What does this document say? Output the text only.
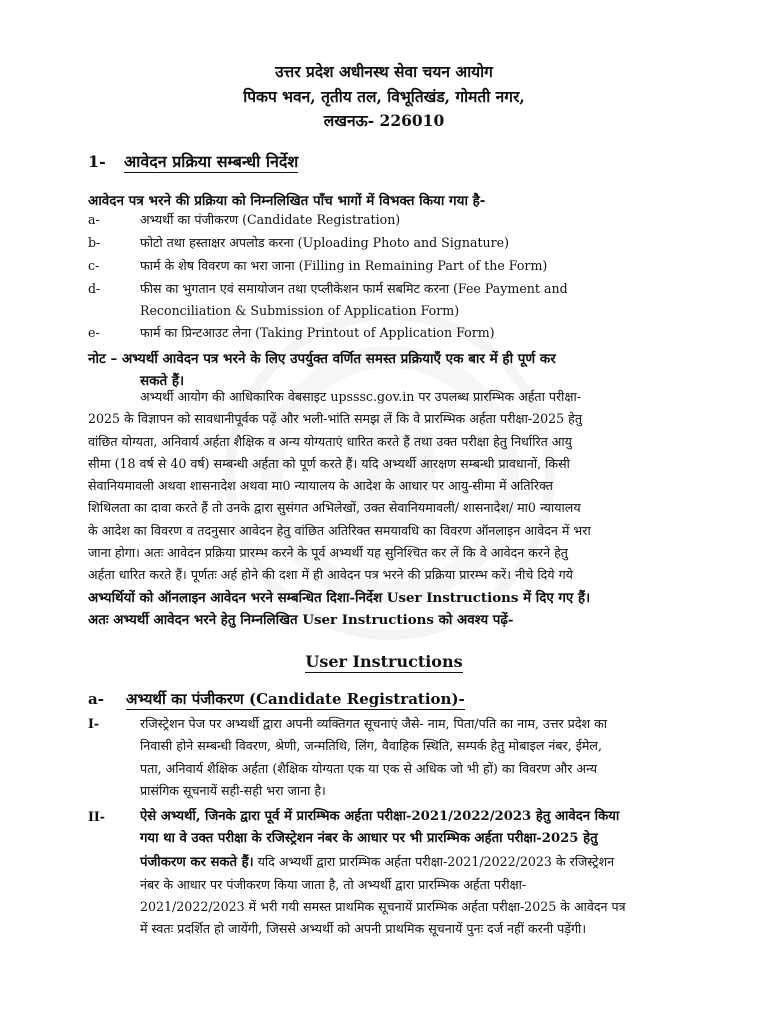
उत्तर प्रदेश अधीनस्थ सेवा चयन आयोग
पिकप भवन, तृतीय तल, विभूतिखंड, गोमती नगर,
लखनऊ- 226010
1- आवेदन प्रक्रिया सम्बन्धी निर्देश
आवेदन पत्र भरने की प्रक्रिया को निम्नलिखित पाँच भागों में विभक्त किया गया है-
a-	अभ्यर्थी का पंजीकरण (Candidate Registration)
b-	फोटो तथा हस्ताक्षर अपलोड करना (Uploading Photo and Signature)
c-	फार्म के शेष विवरण का भरा जाना (Filling in Remaining Part of the Form)
d-	फीस का भुगतान एवं समायोजन तथा एप्लीकेशन फार्म सबमिट करना (Fee Payment and
Reconciliation & Submission of Application Form)
e-	फार्म का प्रिन्टआउट लेना (Taking Printout of Application Form)
नोट – अभ्यर्थी आवेदन पत्र भरने के लिए उपर्युक्त वर्णित समस्त प्रक्रियाएँ एक बार में ही पूर्ण कर
सकते हैं।
अभ्यर्थी आयोग की आधिकारिक वेबसाइट upsssc.gov.in पर उपलब्ध प्रारम्भिक अर्हता परीक्षा-
2025 के विज्ञापन को सावधानीपूर्वक पढ़ें और भली-भांति समझ लें कि वे प्रारम्भिक अर्हता परीक्षा-2025 हेतु
वांछित योग्यता, अनिवार्य अर्हता शैक्षिक व अन्य योग्यताएं धारित करते हैं तथा उक्त परीक्षा हेतु निर्धारित आयु
सीमा (18 वर्ष से 40 वर्ष) सम्बन्धी अर्हता को पूर्ण करते हैं। यदि अभ्यर्थी आरक्षण सम्बन्धी प्रावधानों, किसी
सेवानियमावली अथवा शासनादेश अथवा मा0 न्यायालय के आदेश के आधार पर आयु-सीमा में अतिरिक्त
शिथिलता का दावा करते हैं तो उनके द्वारा सुसंगत अभिलेखों, उक्त सेवानियमावली/ शासनादेश/ मा0 न्यायालय
के आदेश का विवरण व तदनुसार आवेदन हेतु वांछित अतिरिक्त समयावधि का विवरण ऑनलाइन आवेदन में भरा
जाना होगा। अतः आवेदन प्रक्रिया प्रारम्भ करने के पूर्व अभ्यर्थी यह सुनिश्चित कर लें कि वे आवेदन करने हेतु
अर्हता धारित करते हैं। पूर्णतः अर्ह होने की दशा में ही आवेदन पत्र भरने की प्रक्रिया प्रारम्भ करें। नीचे दिये गये
अभ्यर्थियों को ऑनलाइन आवेदन भरने सम्बन्धित दिशा-निर्देश User Instructions में दिए गए हैं।
अतः अभ्यर्थी आवेदन भरने हेतु निम्नलिखित User Instructions को अवश्य पढ़ें-
User Instructions
a- अभ्यर्थी का पंजीकरण (Candidate Registration)-
I-	रजिस्ट्रेशन पेज पर अभ्यर्थी द्वारा अपनी व्यक्तिगत सूचनाएं जैसे- नाम, पिता/पति का नाम, उत्तर प्रदेश का
निवासी होने सम्बन्धी विवरण, श्रेणी, जन्मतिथि, लिंग, वैवाहिक स्थिति, सम्पर्क हेतु मोबाइल नंबर, ईमेल,
पता, अनिवार्य शैक्षिक अर्हता (शैक्षिक योग्यता एक या एक से अधिक जो भी हों) का विवरण और अन्य
प्रासंगिक सूचनायें सही-सही भरा जाना है।
II-	ऐसे अभ्यर्थी, जिनके द्वारा पूर्व में प्रारम्भिक अर्हता परीक्षा-2021/2022/2023 हेतु आवेदन किया
गया था वे उक्त परीक्षा के रजिस्ट्रेशन नंबर के आधार पर भी प्रारम्भिक अर्हता परीक्षा-2025 हेतु
पंजीकरण कर सकते हैं। यदि अभ्यर्थी द्वारा प्रारम्भिक अर्हता परीक्षा-2021/2022/2023 के रजिस्ट्रेशन
नंबर के आधार पर पंजीकरण किया जाता है, तो अभ्यर्थी द्वारा प्रारम्भिक अर्हता परीक्षा-
2021/2022/2023 में भरी गयी समस्त प्राथमिक सूचनायें प्रारम्भिक अर्हता परीक्षा-2025 के आवेदन पत्र
में स्वतः प्रदर्शित हो जायेंगी, जिससे अभ्यर्थी को अपनी प्राथमिक सूचनायें पुनः दर्ज नहीं करनी पड़ेंगी।
